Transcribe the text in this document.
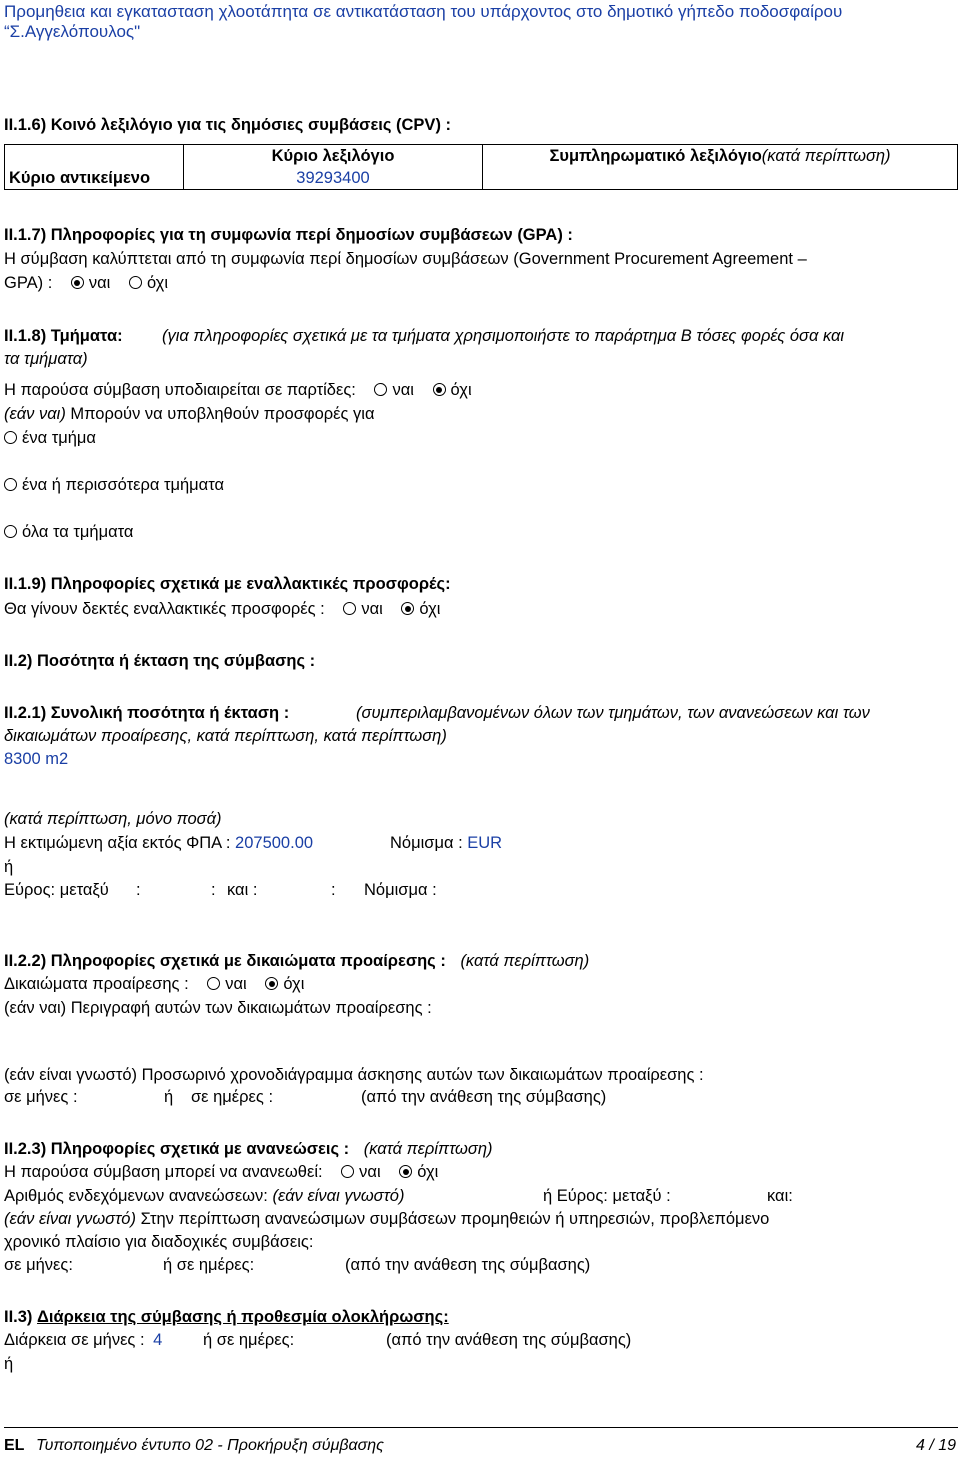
Προμηθεια και εγκατασταση χλοοτάπητα σε αντικατάσταση του υπάρχοντος στο δημοτικό γήπεδο ποδοσφαίρου “Σ.Αγγελόπουλος"
II.1.6) Κοινό λεξιλόγιο για τις δημόσιες συμβάσεις (CPV) :
	Κύριο λεξιλόγιο	Συμπληρωματικό λεξιλόγιο(κατά περίπτωση)
Κύριο αντικείμενο	39293400	
II.1.7) Πληροφορίες για τη συμφωνία περί δημοσίων συμβάσεων (GPA) :
Η σύμβαση καλύπτεται από τη συμφωνία περί δημοσίων συμβάσεων (Government Procurement Agreement –
GPA) : ναι όχι
II.1.8) Τμήματα: (για πληροφορίες σχετικά με τα τμήματα χρησιμοποιήστε το παράρτημα Β τόσες φορές όσα και
τα τμήματα)
Η παρούσα σύμβαση υποδιαιρείται σε παρτίδες: ναι όχι
(εάν ναι) Μπορούν να υποβληθούν προσφορές για
ένα τμήμα
ένα ή περισσότερα τμήματα
όλα τα τμήματα
II.1.9) Πληροφορίες σχετικά με εναλλακτικές προσφορές:
Θα γίνουν δεκτές εναλλακτικές προσφορές : ναι όχι
II.2) Ποσότητα ή έκταση της σύμβασης :
II.2.1) Συνολική ποσότητα ή έκταση :	(συμπεριλαμβανομένων όλων των τμημάτων, των ανανεώσεων και των
δικαιωμάτων προαίρεσης, κατά περίπτωση, κατά περίπτωση)
8300 m2
(κατά περίπτωση, μόνο ποσά)
Η εκτιμώμενη αξία εκτός ΦΠΑ : 207500.00	Νόμισμα : EUR
ή
Εύρος: μεταξύ :	: και :	: Νόμισμα :
II.2.2) Πληροφορίες σχετικά με δικαιώματα προαίρεσης : (κατά περίπτωση)
Δικαιώματα προαίρεσης : ναι όχι
(εάν ναι) Περιγραφή αυτών των δικαιωμάτων προαίρεσης :
(εάν είναι γνωστό) Προσωρινό χρονοδιάγραμμα άσκησης αυτών των δικαιωμάτων προαίρεσης :
σε μήνες :	ή σε ημέρες :	(από την ανάθεση της σύμβασης)
II.2.3) Πληροφορίες σχετικά με ανανεώσεις : (κατά περίπτωση)
Η παρούσα σύμβαση μπορεί να ανανεωθεί: ναι όχι
Αριθμός ενδεχόμενων ανανεώσεων: (εάν είναι γνωστό)	ή Εύρος: μεταξύ :	και:
(εάν είναι γνωστό) Στην περίπτωση ανανεώσιμων συμβάσεων προμηθειών ή υπηρεσιών, προβλεπόμενο
χρονικό πλαίσιο για διαδοχικές συμβάσεις:
σε μήνες:	ή σε ημέρες:	(από την ανάθεση της σύμβασης)
II.3) Διάρκεια της σύμβασης ή προθεσμία ολοκλήρωσης:
Διάρκεια σε μήνες : 4 ή σε ημέρες:	(από την ανάθεση της σύμβασης)
ή
EL Τυποποιημένο έντυπο 02 - Προκήρυξη σύμβασης	4 / 19
